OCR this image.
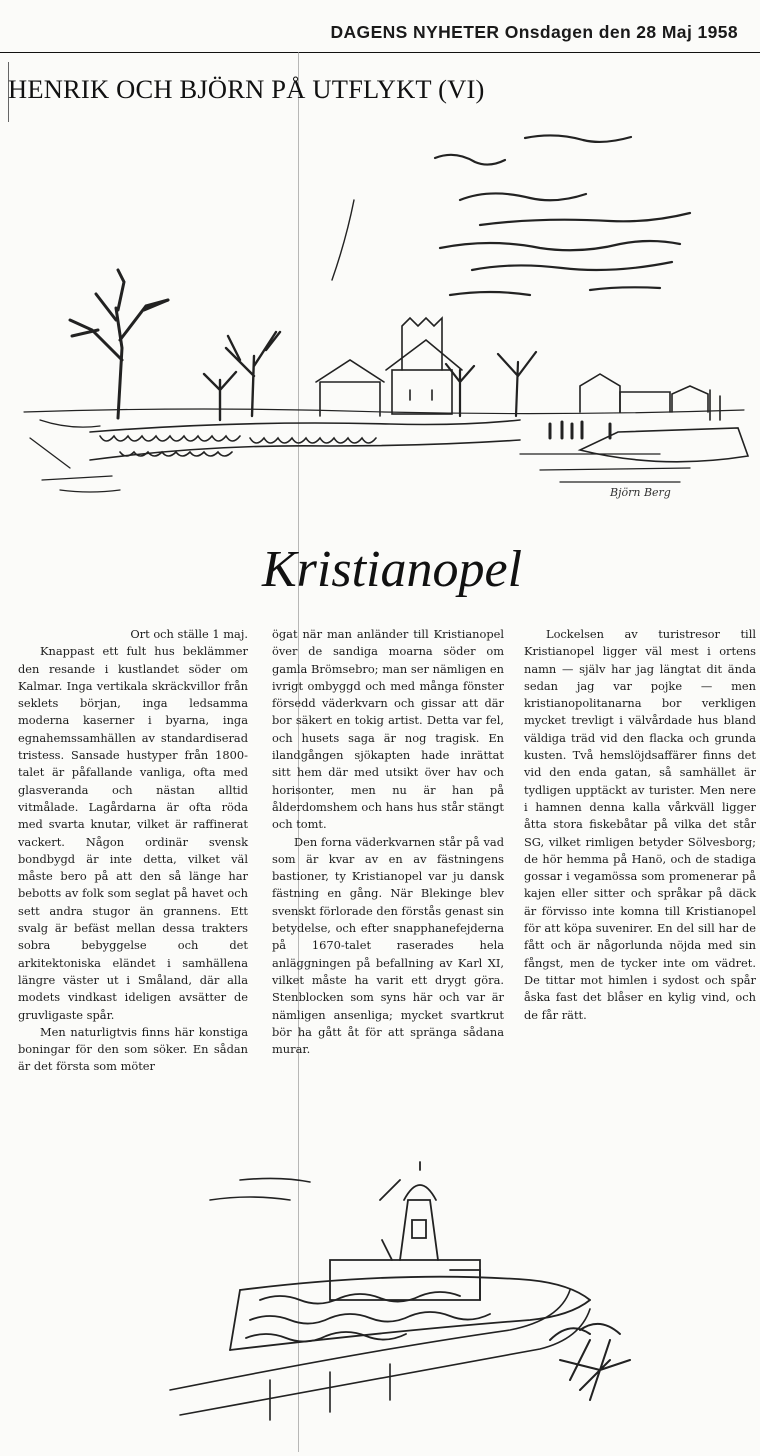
DAGENS NYHETER Onsdagen den 28 Maj 1958
HENRIK OCH BJÖRN PÅ UTFLYKT (VI)
Björn Berg
Kristianopel

Ort och ställe 1 maj.

Knappast ett fult hus beklämmer den resande i kustlandet söder om Kalmar. Inga vertikala skräckvillor från seklets början, inga ledsamma moderna kaserner i byarna, inga egnahemssamhällen av standardiserad tristess. Sansade hustyper från 1800-talet är påfallande vanliga, ofta med glasveranda och nästan alltid vitmålade. Lagårdarna är ofta röda med svarta knutar, vilket är raffinerat vackert. Någon ordinär svensk bondbygd är inte detta, vilket väl måste bero på att den så länge har bebotts av folk som seglat på havet och sett andra stugor än grannens. Ett svalg är befäst mellan dessa trakters sobra bebyggelse och det arkitektoniska eländet i samhällena längre väster ut i Småland, där alla modets vindkast ideligen avsätter de gruvligaste spår.

Men naturligtvis finns här konstiga boningar för den som söker. En sådan är det första som möter

ögat när man anländer till Kristianopel över de sandiga moarna söder om gamla Brömsebro; man ser nämligen en ivrigt ombyggd och med många fönster försedd väderkvarn och gissar att där bor säkert en tokig artist. Detta var fel, och husets saga är nog tragisk. En ilandgången sjökapten hade inrättat sitt hem där med utsikt över hav och horisonter, men nu är han på ålderdomshem och hans hus står stängt och tomt.

Den forna väderkvarnen står på vad som är kvar av en av fästningens bastioner, ty Kristianopel var ju dansk fästning en gång. När Blekinge blev svenskt förlorade den förstås genast sin betydelse, och efter snapphanefejderna på 1670-talet raserades hela anläggningen på befallning av Karl XI, vilket måste ha varit ett drygt göra. Stenblocken som syns här och var är nämligen ansenliga; mycket svartkrut bör ha gått åt för att spränga sådana murar.

Lockelsen av turistresor till Kristianopel ligger väl mest i ortens namn — själv har jag längtat dit ända sedan jag var pojke — men kristianopolitanarna bor verkligen mycket trevligt i välvårdade hus bland väldiga träd vid den flacka och grunda kusten. Två hemslöjdsaffärer finns det vid den enda gatan, så samhället är tydligen upptäckt av turister. Men nere i hamnen denna kalla vårkväll ligger åtta stora fiskebåtar på vilka det står SG, vilket rimligen betyder Sölvesborg; de hör hemma på Hanö, och de stadiga gossar i vegamössa som promenerar på kajen eller sitter och språkar på däck är förvisso inte komna till Kristianopel för att köpa suvenirer. En del sill har de fått och är någorlunda nöjda med sin fångst, men de tycker inte om vädret. De tittar mot himlen i sydost och spår åska fast det blåser en kylig vind, och de får rätt.
